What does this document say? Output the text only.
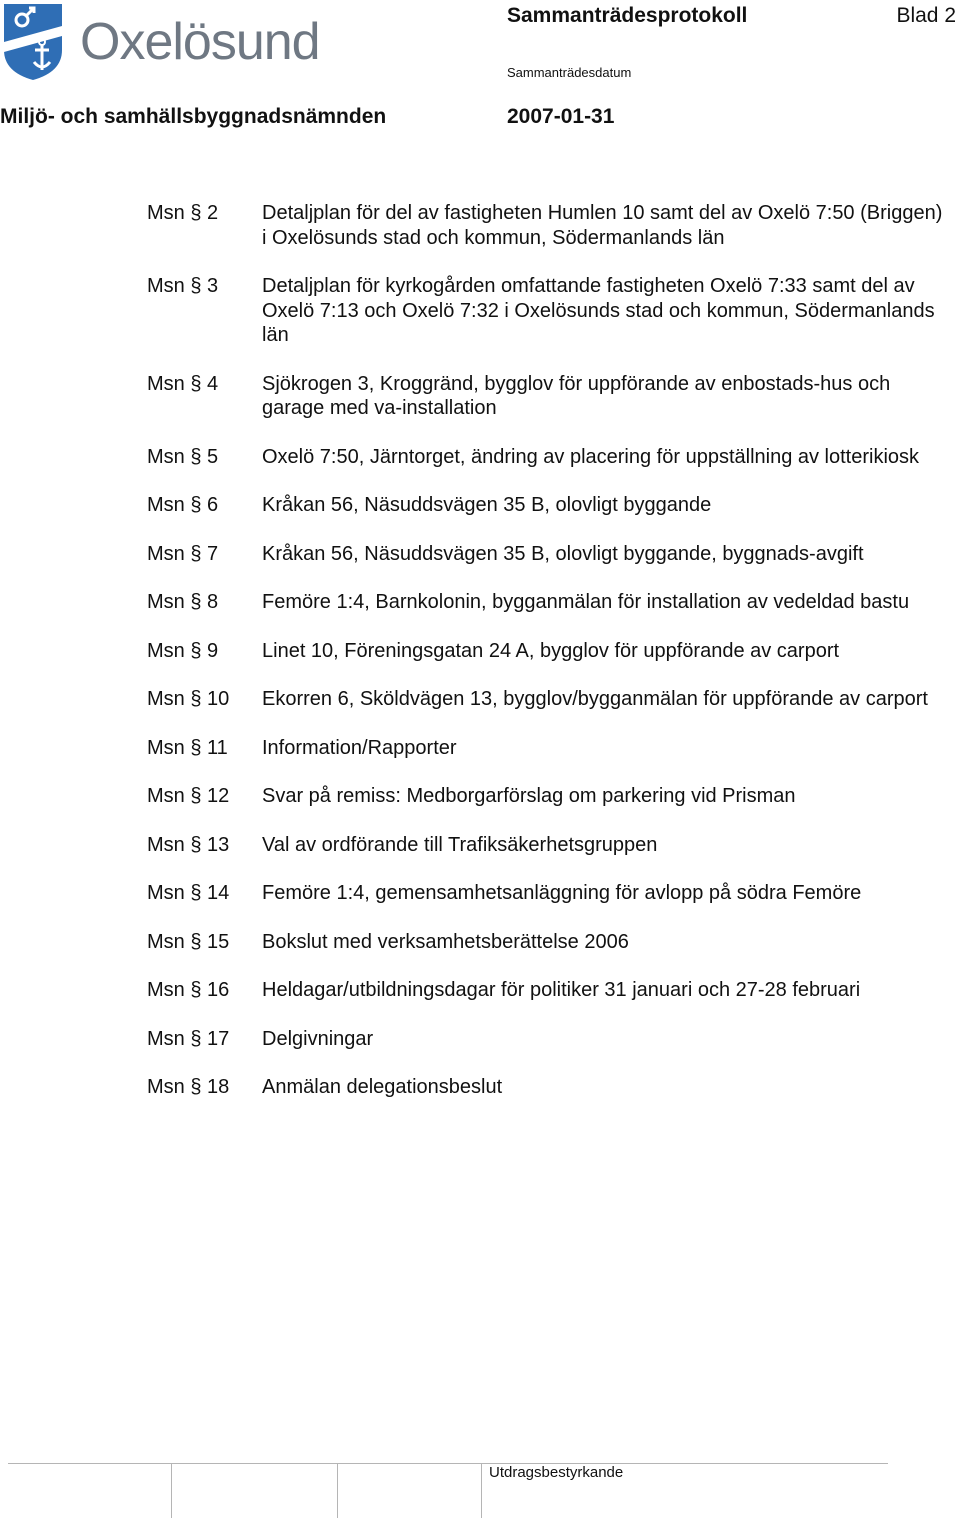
Oxelösund	Sammanträdesprotokoll	Blad 2
Sammanträdesdatum
Miljö- och samhällsbyggnadsnämnden	2007-01-31
Msn § 2	Detaljplan för del av fastigheten Humlen 10 samt del av Oxelö 7:50 (Briggen) i Oxelösunds stad och kommun, Södermanlands län
Msn § 3	Detaljplan för kyrkogården omfattande fastigheten Oxelö 7:33 samt del av Oxelö 7:13 och Oxelö 7:32 i Oxelösunds stad och kommun, Södermanlands län
Msn § 4	Sjökrogen 3, Kroggränd, bygglov för uppförande av enbostads-hus och garage med va-installation
Msn § 5	Oxelö 7:50, Järntorget, ändring av placering för uppställning av lotterikiosk
Msn § 6	Kråkan 56, Näsuddsvägen 35 B, olovligt byggande
Msn § 7	Kråkan 56, Näsuddsvägen 35 B, olovligt byggande, byggnads-avgift
Msn § 8	Femöre 1:4, Barnkolonin, bygganmälan för installation av vedeldad bastu
Msn § 9	Linet 10, Föreningsgatan 24 A, bygglov för uppförande av carport
Msn § 10	Ekorren 6, Sköldvägen 13, bygglov/bygganmälan för uppförande av carport
Msn § 11	Information/Rapporter
Msn § 12	Svar på remiss: Medborgarförslag om parkering vid Prisman
Msn § 13	Val av ordförande till Trafiksäkerhetsgruppen
Msn § 14	Femöre 1:4, gemensamhetsanläggning för avlopp på södra Femöre
Msn § 15	Bokslut med verksamhetsberättelse 2006
Msn § 16	Heldagar/utbildningsdagar för politiker 31 januari och 27-28 februari
Msn § 17	Delgivningar
Msn § 18	Anmälan delegationsbeslut
Utdragsbestyrkande
